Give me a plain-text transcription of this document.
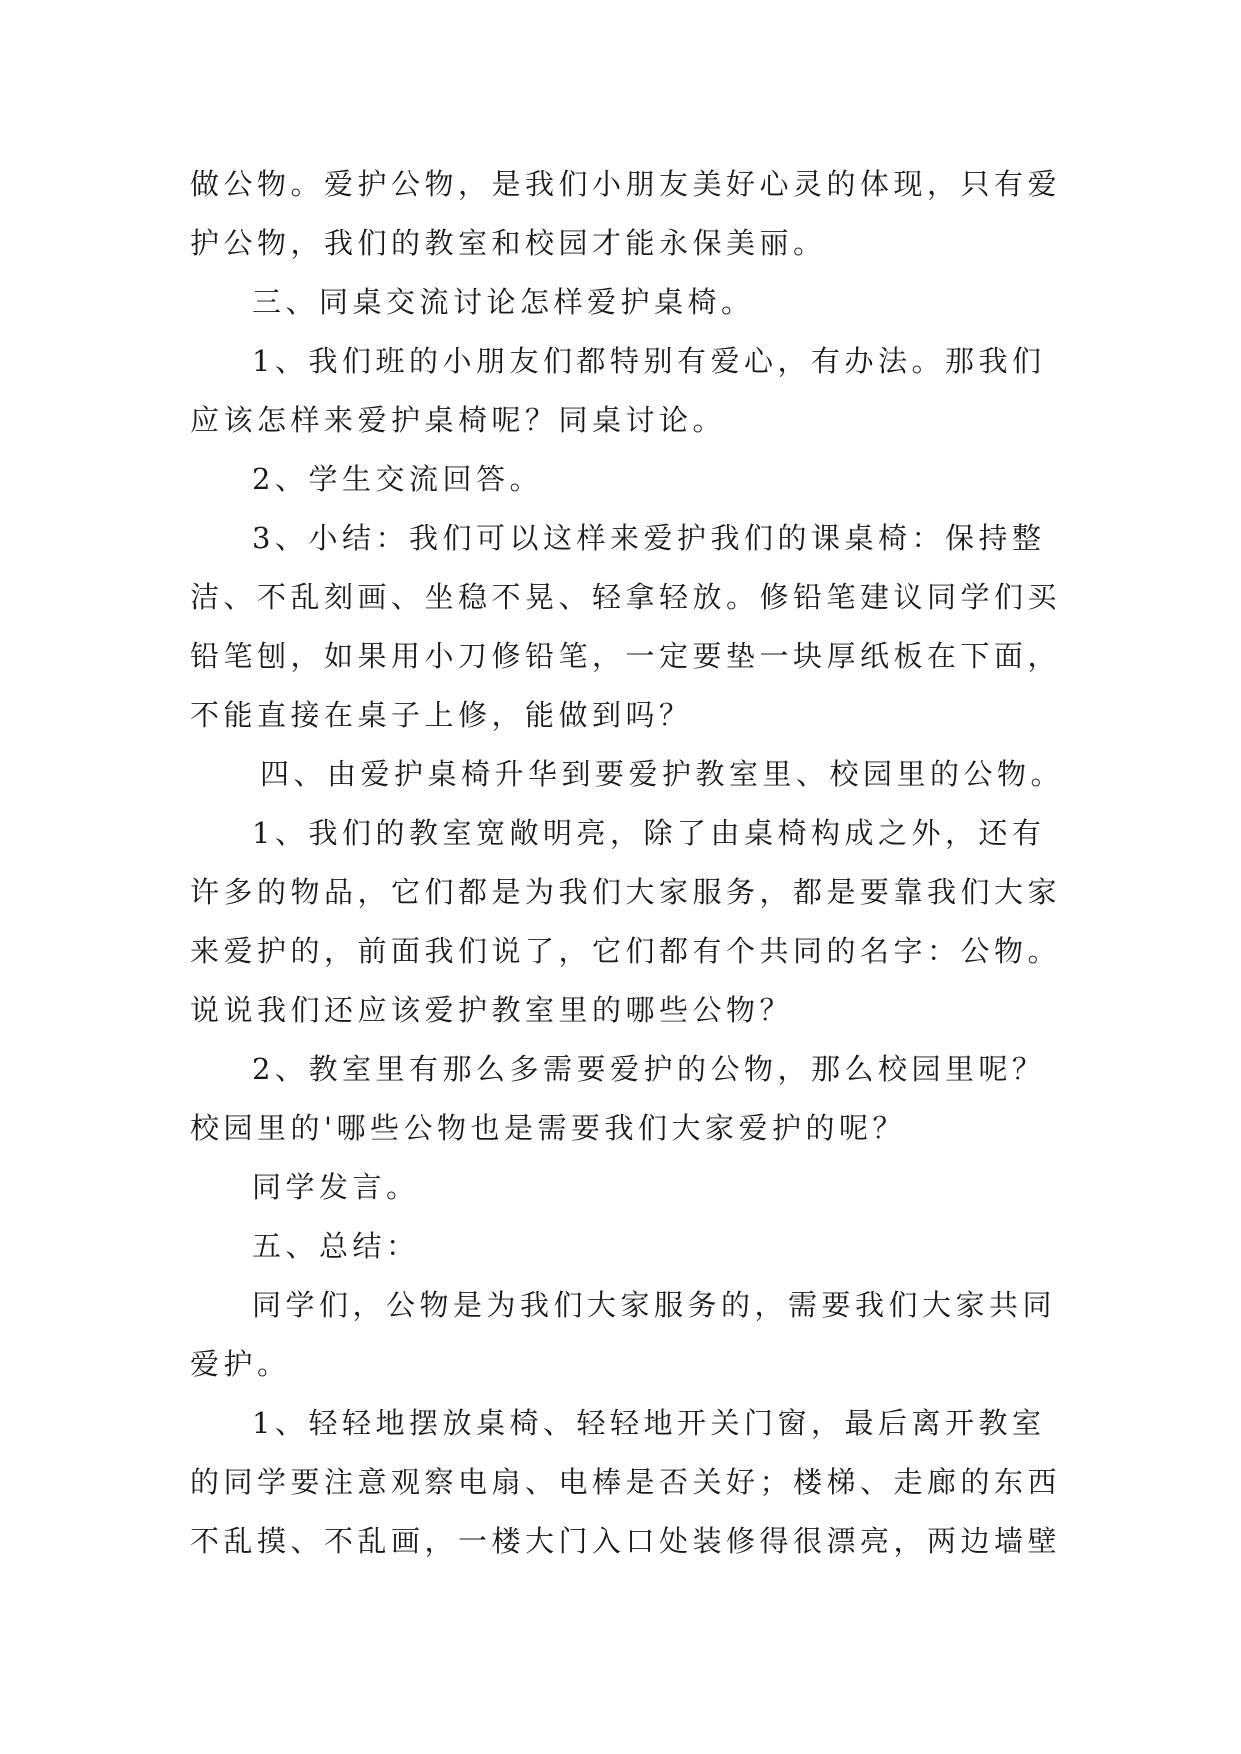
做公物。爱护公物，是我们小朋友美好心灵的体现，只有爱
护公物，我们的教室和校园才能永保美丽。
三、同桌交流讨论怎样爱护桌椅。
1、我们班的小朋友们都特别有爱心，有办法。那我们
应该怎样来爱护桌椅呢？同桌讨论。
2、学生交流回答。
3、小结：我们可以这样来爱护我们的课桌椅：保持整
洁、不乱刻画、坐稳不晃、轻拿轻放。修铅笔建议同学们买
铅笔刨，如果用小刀修铅笔，一定要垫一块厚纸板在下面，
不能直接在桌子上修，能做到吗？
四、由爱护桌椅升华到要爱护教室里、校园里的公物。
1、我们的教室宽敞明亮，除了由桌椅构成之外，还有
许多的物品，它们都是为我们大家服务，都是要靠我们大家
来爱护的，前面我们说了，它们都有个共同的名字：公物。
说说我们还应该爱护教室里的哪些公物？
2、教室里有那么多需要爱护的公物，那么校园里呢？
校园里的'哪些公物也是需要我们大家爱护的呢？
同学发言。
五、总结：
同学们，公物是为我们大家服务的，需要我们大家共同
爱护。
1、轻轻地摆放桌椅、轻轻地开关门窗，最后离开教室
的同学要注意观察电扇、电棒是否关好；楼梯、走廊的东西
不乱摸、不乱画，一楼大门入口处装修得很漂亮，两边墙壁
